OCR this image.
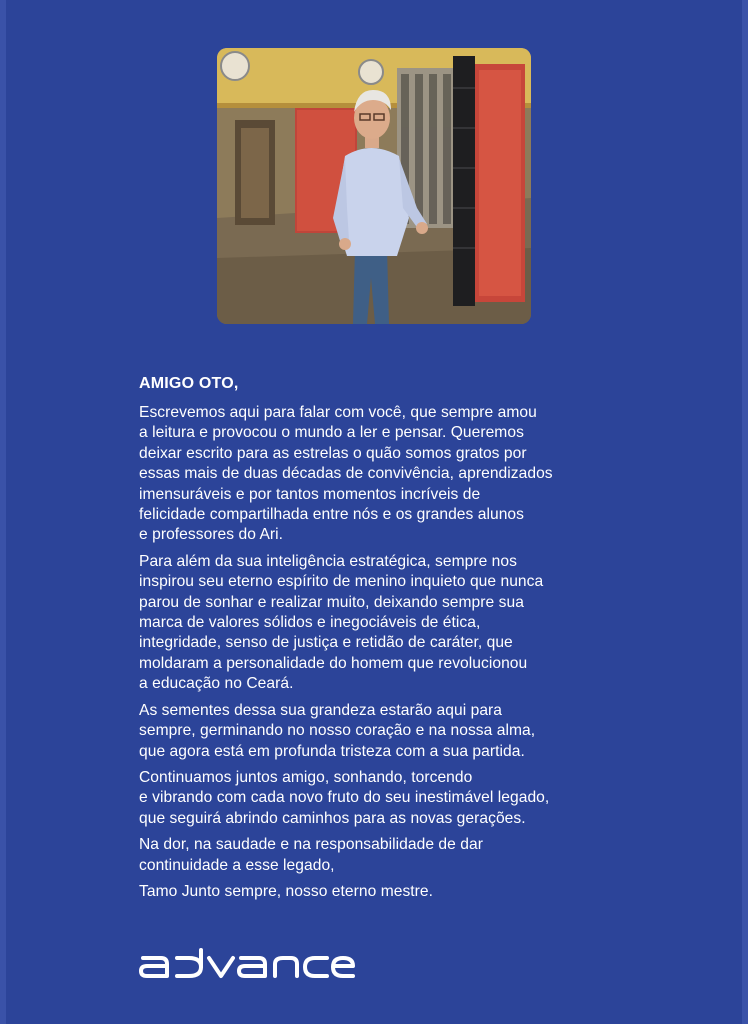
AMIGO OTO,

Escrevemos aqui para falar com você, que sempre amou
a leitura e provocou o mundo a ler e pensar. Queremos
deixar escrito para as estrelas o quão somos gratos por
essas mais de duas décadas de convivência, aprendizados
imensuráveis e por tantos momentos incríveis de
felicidade compartilhada entre nós e os grandes alunos
e professores do Ari.

Para além da sua inteligência estratégica, sempre nos
inspirou seu eterno espírito de menino inquieto que nunca
parou de sonhar e realizar muito, deixando sempre sua
marca de valores sólidos e inegociáveis de ética,
integridade, senso de justiça e retidão de caráter, que
moldaram a personalidade do homem que revolucionou
a educação no Ceará.

As sementes dessa sua grandeza estarão aqui para
sempre, germinando no nosso coração e na nossa alma,
que agora está em profunda tristeza com a sua partida.

Continuamos juntos amigo, sonhando, torcendo
e vibrando com cada novo fruto do seu inestimável legado,
que seguirá abrindo caminhos para as novas gerações.

Na dor, na saudade e na responsabilidade de dar
continuidade a esse legado,

Tamo Junto sempre, nosso eterno mestre.
